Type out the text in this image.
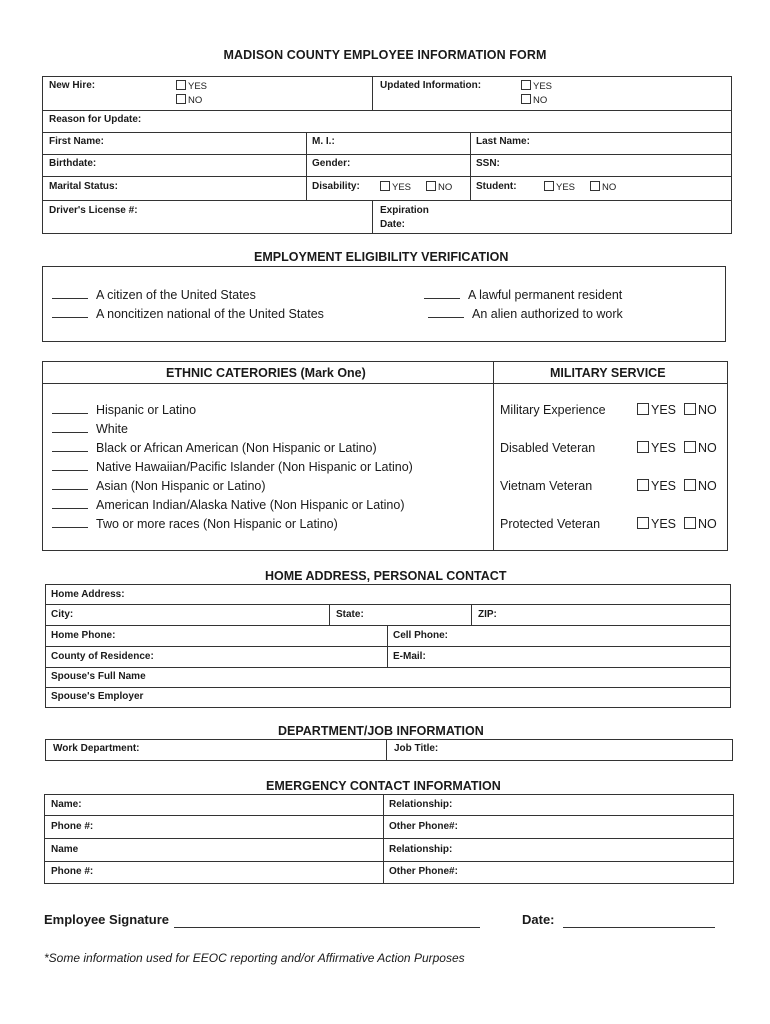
MADISON COUNTY EMPLOYEE INFORMATION FORM
New Hire:	YES
NO
Updated Information:	YES
NO
Reason for Update:
First Name:	M. I.:	Last Name:
Birthdate:	Gender:	SSN:
Marital Status:	Disability:	YES	NO Student:	YES	NO
Driver's License #:	Expiration
Date:
EMPLOYMENT ELIGIBILITY VERIFICATION
A citizen of the United States
A noncitizen national of the United States
A lawful permanent resident
An alien authorized to work
ETHNIC CATERORIES (Mark One)	MILITARY SERVICE
Hispanic or Latino
White
Black or African American (Non Hispanic or Latino)
Native Hawaiian/Pacific Islander (Non Hispanic or Latino)
Asian (Non Hispanic or Latino)
American Indian/Alaska Native (Non Hispanic or Latino)
Two or more races (Non Hispanic or Latino)
Military Experience	YES	NO
Disabled Veteran	YES	NO
Vietnam Veteran	YES	NO
Protected Veteran	YES	NO
HOME ADDRESS, PERSONAL CONTACT
Home Address:
City:	State:	ZIP:
Home Phone:	Cell Phone:
County of Residence:	E-Mail:
Spouse's Full Name
Spouse's Employer
DEPARTMENT/JOB INFORMATION
Work Department:	Job Title:
EMERGENCY CONTACT INFORMATION
Name:	Relationship:
Phone #:	Other Phone#:
Name	Relationship:
Phone #:	Other Phone#:
Employee Signature	Date:
*Some information used for EEOC reporting and/or Affirmative Action Purposes
